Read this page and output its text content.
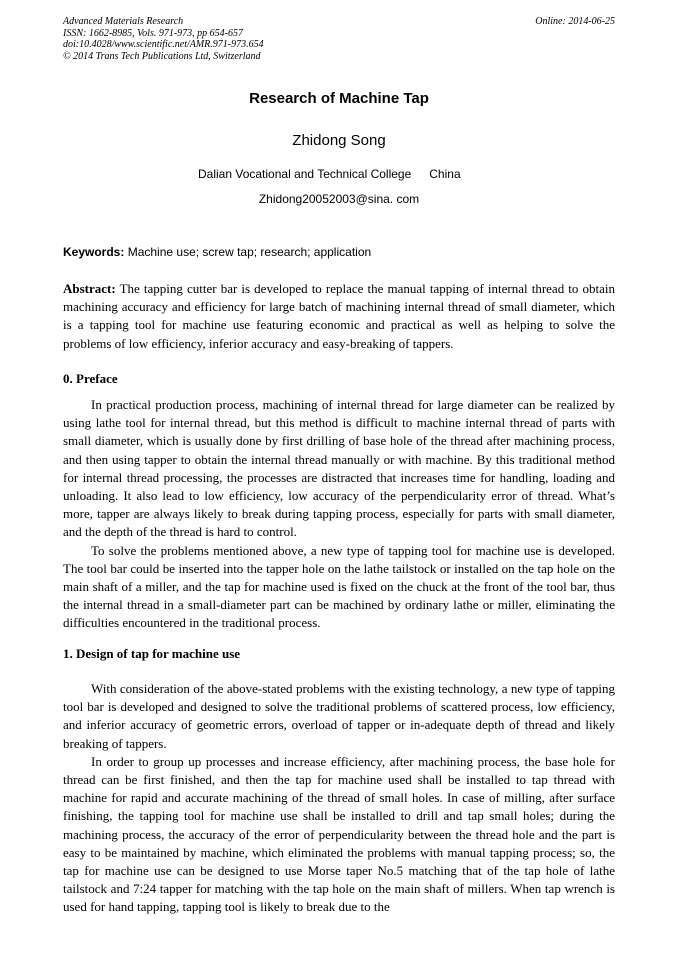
Advanced Materials Research
ISSN: 1662-8985, Vols. 971-973, pp 654-657
doi:10.4028/www.scientific.net/AMR.971-973.654
© 2014 Trans Tech Publications Ltd, Switzerland
Online: 2014-06-25
Research of Machine Tap
Zhidong Song
Dalian Vocational and Technical College China
Zhidong20052003@sina. com
Keywords: Machine use; screw tap; research; application

Abstract: The tapping cutter bar is developed to replace the manual tapping of internal thread to obtain machining accuracy and efficiency for large batch of machining internal thread of small diameter, which is a tapping tool for machine use featuring economic and practical as well as helping to solve the problems of low efficiency, inferior accuracy and easy-breaking of tappers.

0. Preface

In practical production process, machining of internal thread for large diameter can be realized by using lathe tool for internal thread, but this method is difficult to machine internal thread of parts with small diameter, which is usually done by first drilling of base hole of the thread after machining process, and then using tapper to obtain the internal thread manually or with machine. By this traditional method for internal thread processing, the processes are distracted that increases time for handling, loading and unloading. It also lead to low efficiency, low accuracy of the perpendicularity error of thread. What’s more, tapper are always likely to break during tapping process, especially for parts with small diameter, and the depth of the thread is hard to control.

To solve the problems mentioned above, a new type of tapping tool for machine use is developed. The tool bar could be inserted into the tapper hole on the lathe tailstock or installed on the tap hole on the main shaft of a miller, and the tap for machine used is fixed on the chuck at the front of the tool bar, thus the internal thread in a small-diameter part can be machined by ordinary lathe or miller, eliminating the difficulties encountered in the traditional process.

1. Design of tap for machine use

With consideration of the above-stated problems with the existing technology, a new type of tapping tool bar is developed and designed to solve the traditional problems of scattered process, low efficiency, and inferior accuracy of geometric errors, overload of tapper or in-adequate depth of thread and likely breaking of tappers.

In order to group up processes and increase efficiency, after machining process, the base hole for thread can be first finished, and then the tap for machine used shall be installed to tap thread with machine for rapid and accurate machining of the thread of small holes. In case of milling, after surface finishing, the tapping tool for machine use shall be installed to drill and tap small holes; during the machining process, the accuracy of the error of perpendicularity between the thread hole and the part is easy to be maintained by machine, which eliminated the problems with manual tapping process; so, the tap for machine use can be designed to use Morse taper No.5 matching that of the tap hole of lathe tailstock and 7:24 tapper for matching with the tap hole on the main shaft of millers. When tap wrench is used for hand tapping, tapping tool is likely to break due to the
